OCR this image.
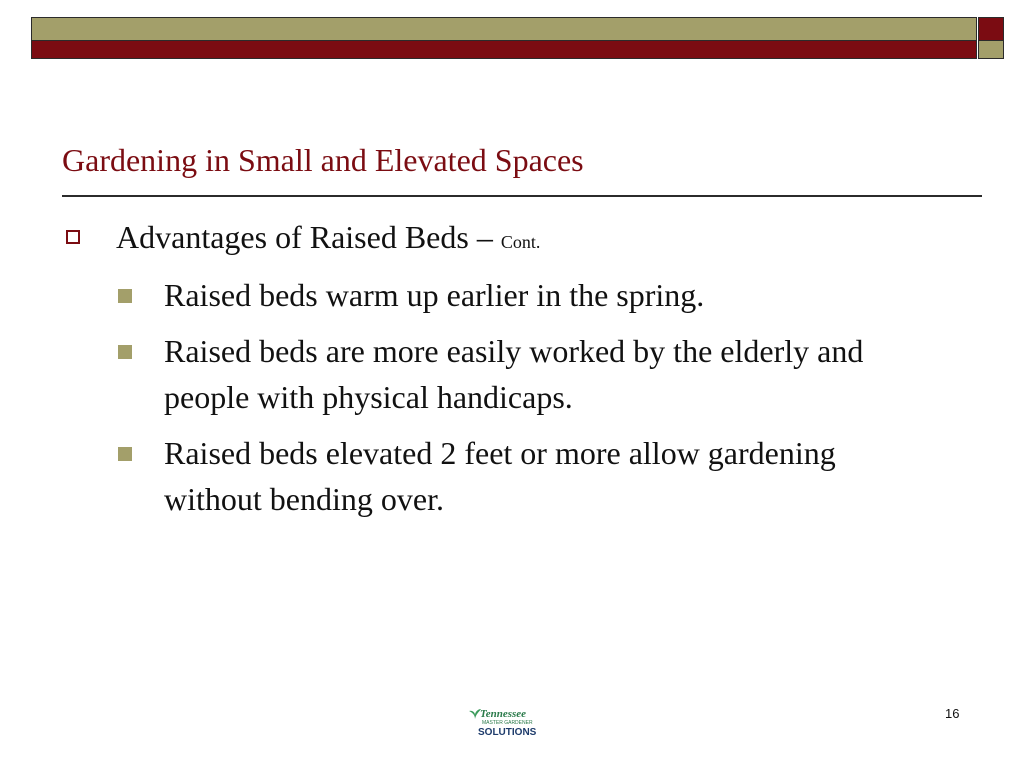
Gardening in Small and Elevated Spaces
Advantages of Raised Beds – Cont.
Raised beds warm up earlier in the spring.
Raised beds are more easily worked by the elderly and people with physical handicaps.
Raised beds elevated 2 feet or more allow gardening without bending over.
Tennessee
MASTER GARDENER
SOLUTIONS
16
